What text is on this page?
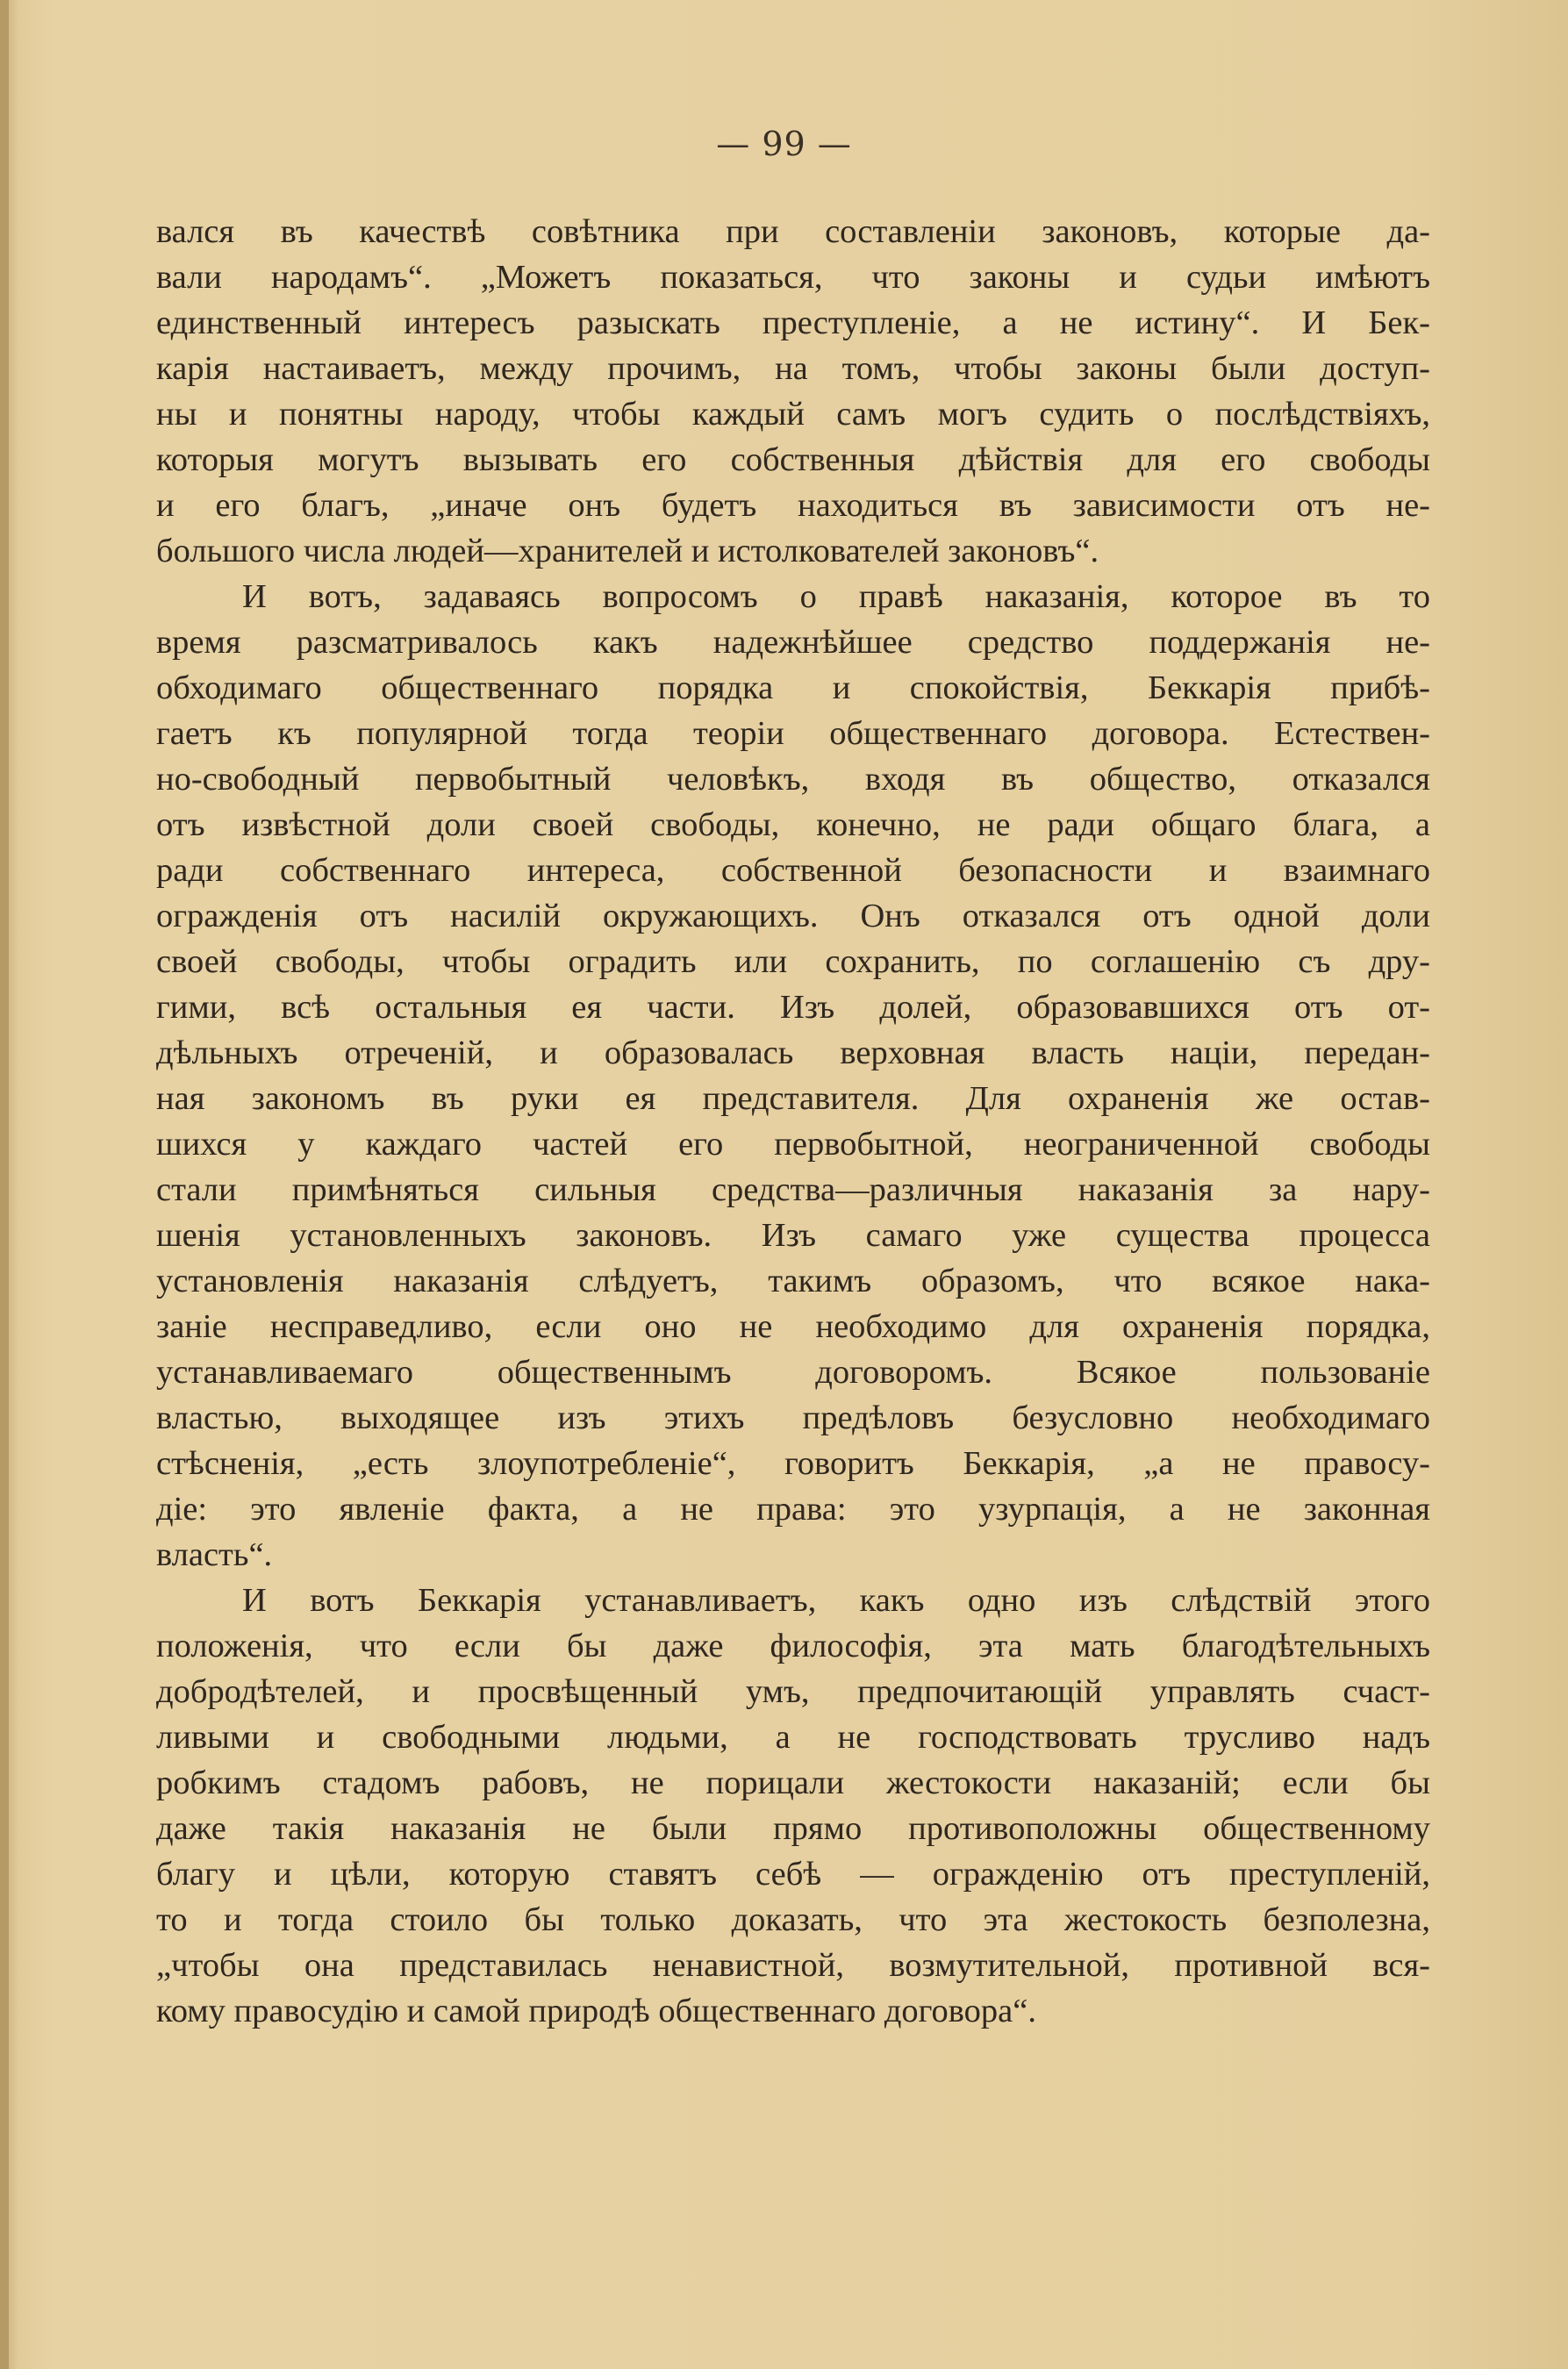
— 99 —
вался въ качествѣ совѣтника при составленіи законовъ, которые да-
вали народамъ“. „Можетъ показаться, что законы и судьи имѣютъ
единственный интересъ разыскать преступленіе, а не истину“. И Бек-
карія настаиваетъ, между прочимъ, на томъ, чтобы законы были доступ-
ны и понятны народу, чтобы каждый самъ могъ судить о послѣдствіяхъ,
которыя могутъ вызывать его собственныя дѣйствія для его свободы
и его благъ, „иначе онъ будетъ находиться въ зависимости отъ не-
большого числа людей—хранителей и истолкователей законовъ“.
И вотъ, задаваясь вопросомъ о правѣ наказанія, которое въ то
время разсматривалось какъ надежнѣйшее средство поддержанія не-
обходимаго общественнаго порядка и спокойствія, Беккарія прибѣ-
гаетъ къ популярной тогда теоріи общественнаго договора. Естествен-
но-свободный первобытный человѣкъ, входя въ общество, отказался
отъ извѣстной доли своей свободы, конечно, не ради общаго блага, а
ради собственнаго интереса, собственной безопасности и взаимнаго
огражденія отъ насилій окружающихъ. Онъ отказался отъ одной доли
своей свободы, чтобы оградить или сохранить, по соглашенію съ дру-
гими, всѣ остальныя ея части. Изъ долей, образовавшихся отъ от-
дѣльныхъ отреченій, и образовалась верховная власть націи, передан-
ная закономъ въ руки ея представителя. Для охраненія же остав-
шихся у каждаго частей его первобытной, неограниченной свободы
стали примѣняться сильныя средства—различныя наказанія за нару-
шенія установленныхъ законовъ. Изъ самаго уже существа процесса
установленія наказанія слѣдуетъ, такимъ образомъ, что всякое нака-
заніе несправедливо, если оно не необходимо для охраненія порядка,
устанавливаемаго общественнымъ договоромъ. Всякое пользованіе
властью, выходящее изъ этихъ предѣловъ безусловно необходимаго
стѣсненія, „есть злоупотребленіе“, говоритъ Беккарія, „а не правосу-
діе: это явленіе факта, а не права: это узурпація, а не законная
власть“.
И вотъ Беккарія устанавливаетъ, какъ одно изъ слѣдствій этого
положенія, что если бы даже философія, эта мать благодѣтельныхъ
добродѣтелей, и просвѣщенный умъ, предпочитающій управлять счаст-
ливыми и свободными людьми, а не господствовать трусливо надъ
робкимъ стадомъ рабовъ, не порицали жестокости наказаній; если бы
даже такія наказанія не были прямо противоположны общественному
благу и цѣли, которую ставятъ себѣ — огражденію отъ преступленій,
то и тогда стоило бы только доказать, что эта жестокость безполезна,
„чтобы она представилась ненавистной, возмутительной, противной вся-
кому правосудію и самой природѣ общественнаго договора“.
